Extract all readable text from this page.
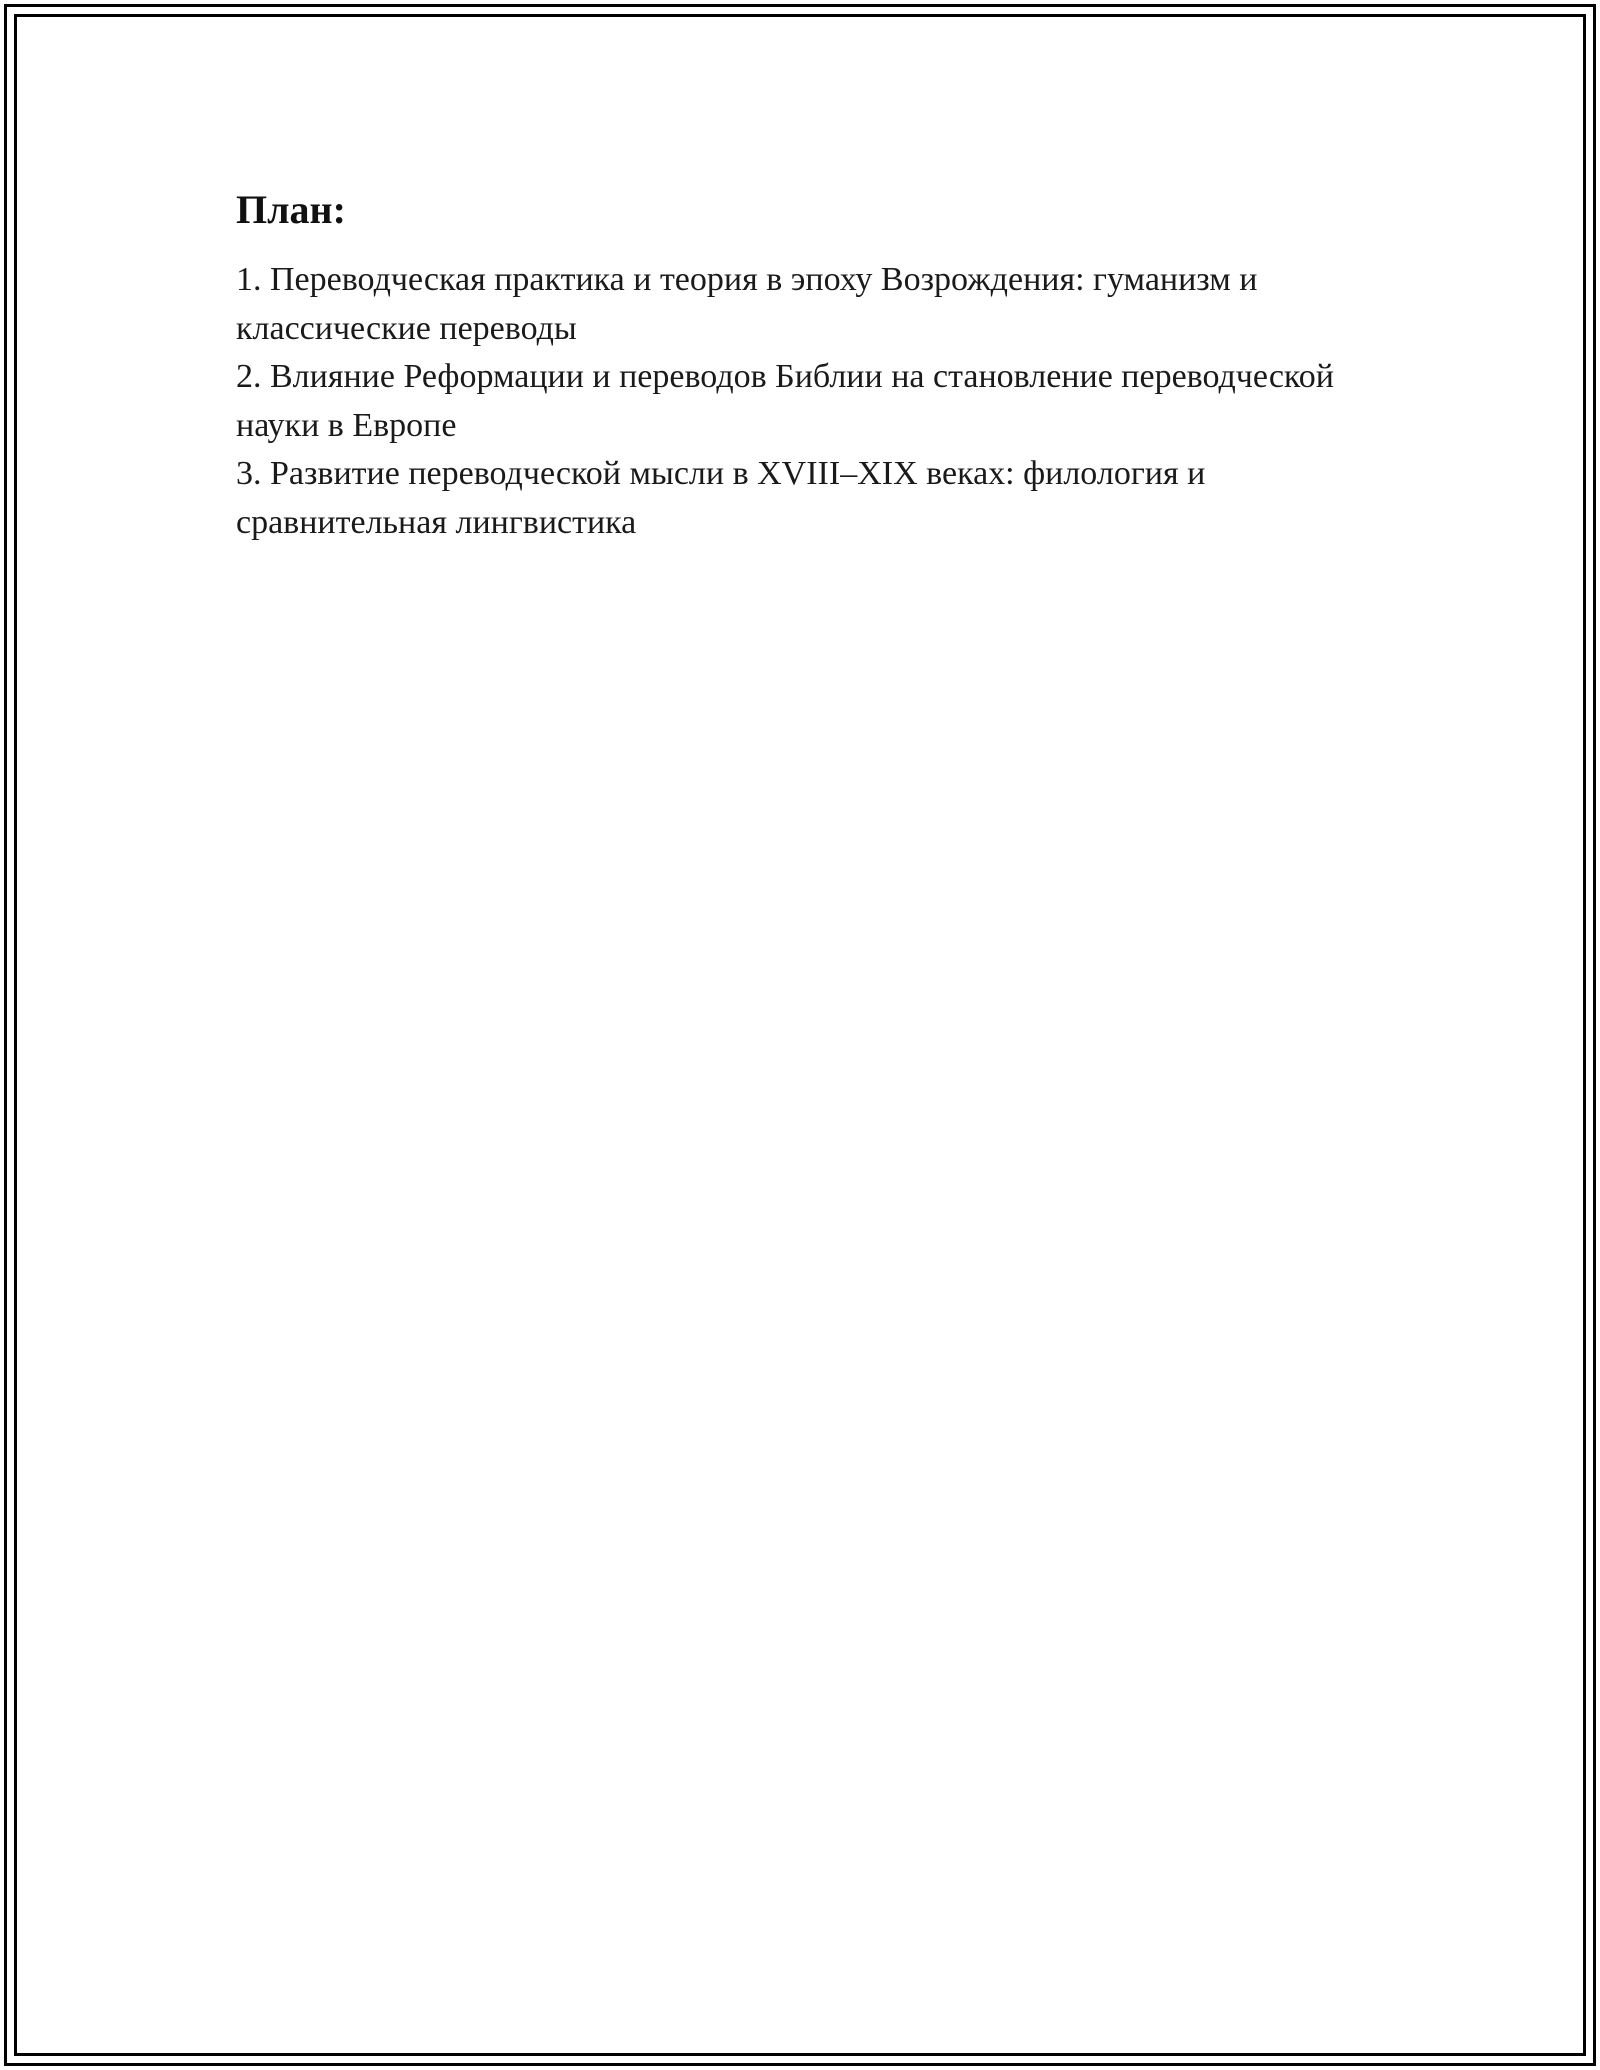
План:
1. Переводческая практика и теория в эпоху Возрождения: гуманизм и классические переводы
2. Влияние Реформации и переводов Библии на становление переводческой науки в Европе
3. Развитие переводческой мысли в XVIII–XIX веках: филология и сравнительная лингвистика
